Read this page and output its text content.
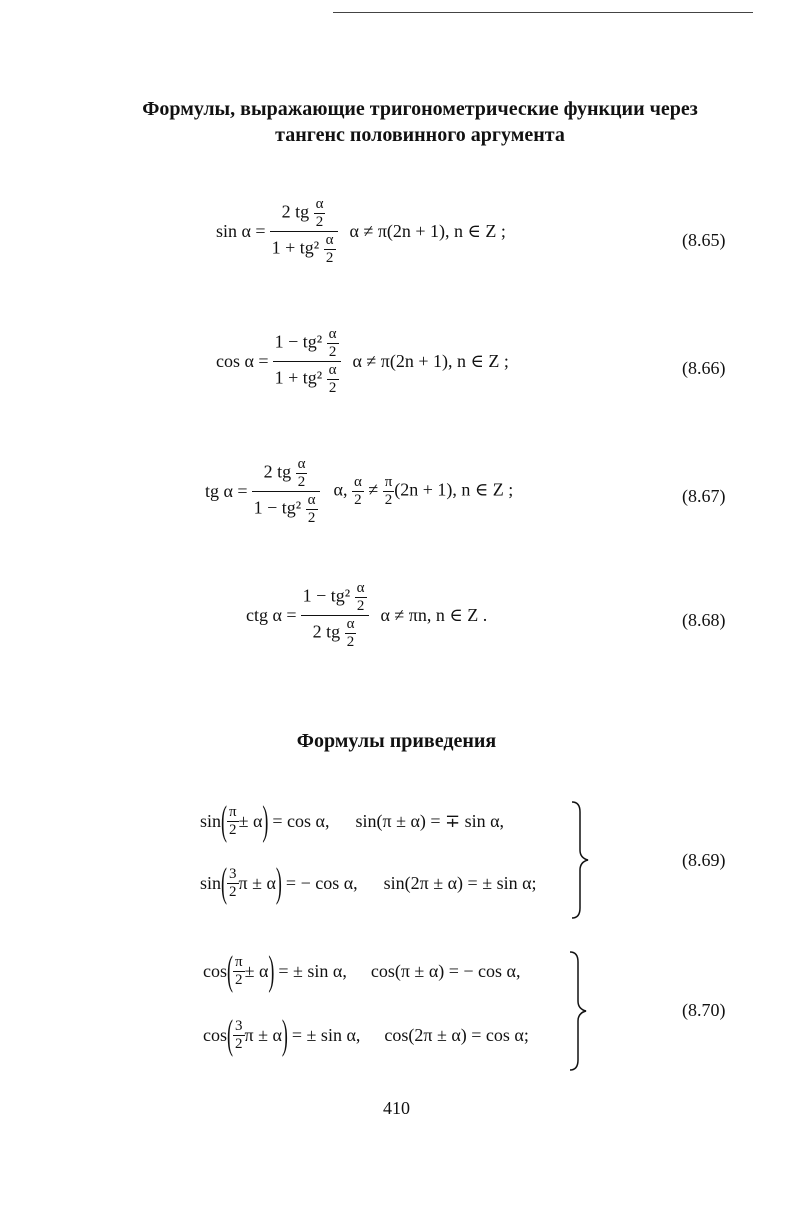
Формулы, выражающие тригонометрические функции через
тангенс половинного аргумента
$\sin \alpha = \frac{2 tg \frac{\alpha}{2}}{1 + tg^2 \frac{\alpha}{2}}$ α ≠ π(2n + 1), n ∈ Z ;	(8.65)
$\cos \alpha = \frac{1 - tg^2 \frac{\alpha}{2}}{1 + tg^2 \frac{\alpha}{2}}$ α ≠ π(2n + 1), n ∈ Z ;	(8.66)
tg $\alpha = \frac{2 tg \frac{\alpha}{2}}{1 - tg^2 \frac{\alpha}{2}} \alpha$, $\frac{\alpha}{2} \ne \frac{\pi}{2} (2n + 1)$, n ∈ Z ;	(8.67)
ctg $\alpha = \frac{1 - tg^2 \frac{\alpha}{2}}{2 tg \frac{\alpha}{2}}$ α ≠ πn, n ∈ Z .	(8.68)
Формулы приведения
sin ( $\frac{\pi}{2} \pm \alpha$ ) = cos α, sin(π ± α) = ∓ sin α,
sin ( $\frac{3}{2}$ π ± α ) = − cos α, sin(2π ± α) = ± sin α;
(8.69)
cos ( $\frac{\pi}{2} \pm \alpha$ ) = ± sin α, cos(π ± α) = − cos α,
cos ( $\frac{3}{2}$ π ± α ) = ± sin α, cos(2π ± α) = cos α;
(8.70)
410
